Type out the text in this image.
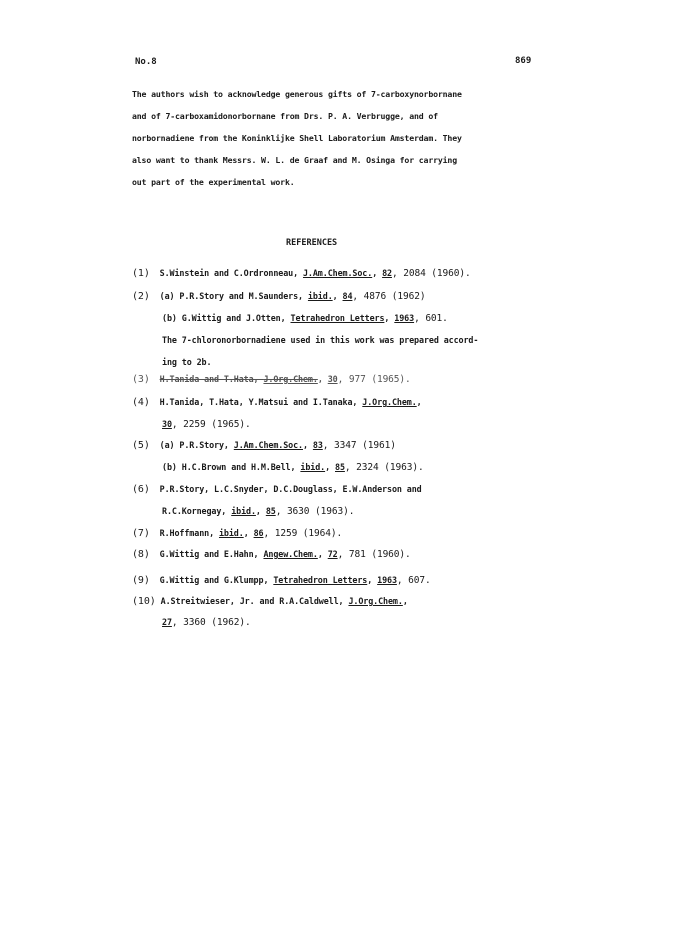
No.8	869
The authors wish to acknowledge generous gifts of 7-carboxynorbornane
and of 7-carboxamidonorbornane from Drs. P. A. Verbrugge, and of
norbornadiene from the Koninklijke Shell Laboratorium Amsterdam. They
also want to thank Messrs. W. L. de Graaf and M. Osinga for carrying
out part of the experimental work.
REFERENCES
(1) S.Winstein and C.Ordronneau, J.Am.Chem.Soc., 82, 2084 (1960).
(2) (a) P.R.Story and M.Saunders, ibid., 84, 4876 (1962)
(b) G.Wittig and J.Otten, Tetrahedron Letters, 1963, 601.
The 7-chloronorbornadiene used in this work was prepared accord-
ing to 2b.
(3) H.Tanida and T.Hata, J.Org.Chem., 30, 977 (1965).
(4) H.Tanida, T.Hata, Y.Matsui and I.Tanaka, J.Org.Chem.,
30, 2259 (1965).
(5) (a) P.R.Story, J.Am.Chem.Soc., 83, 3347 (1961)
(b) H.C.Brown and H.M.Bell, ibid., 85, 2324 (1963).
(6) P.R.Story, L.C.Snyder, D.C.Douglass, E.W.Anderson and
R.C.Kornegay, ibid., 85, 3630 (1963).
(7) R.Hoffmann, ibid., 86, 1259 (1964).
(8) G.Wittig and E.Hahn, Angew.Chem., 72, 781 (1960).
(9) G.Wittig and G.Klumpp, Tetrahedron Letters, 1963, 607.
(10) A.Streitwieser, Jr. and R.A.Caldwell, J.Org.Chem.,
27, 3360 (1962).
